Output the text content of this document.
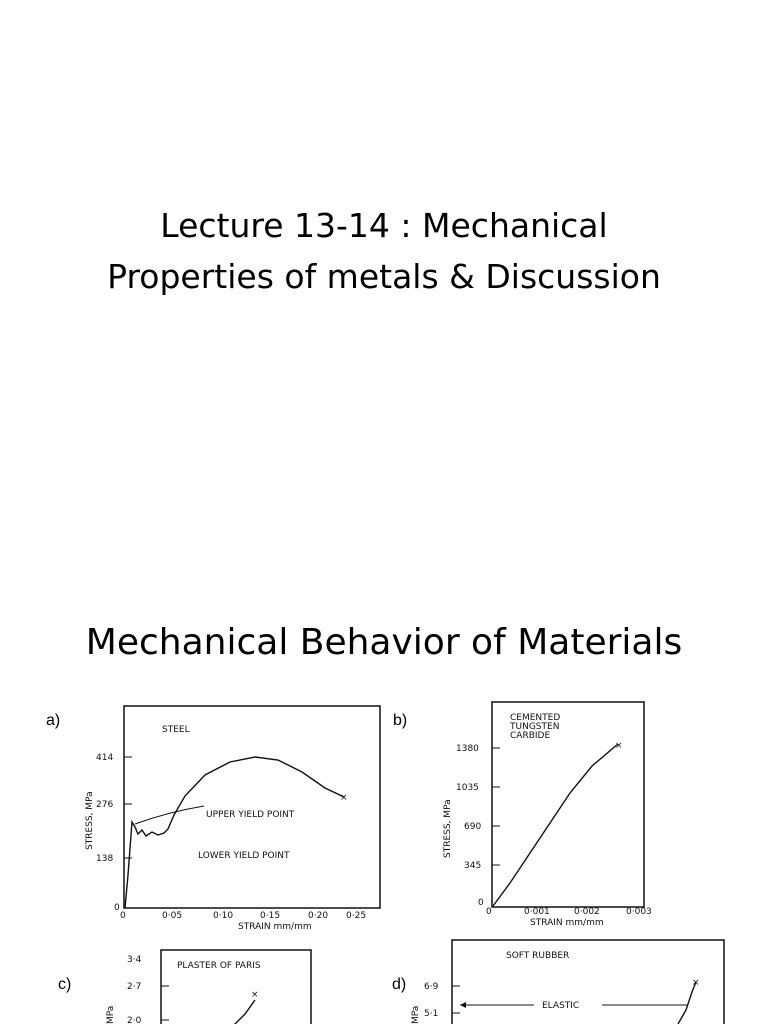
Lecture 13-14 : Mechanical
Properties of metals & Discussion
Mechanical Behavior of Materials
a)	b)
c)	d)
STEEL
414
276
138
0
0	0·05	0·10	0·15	0·20 0·25
STRAIN mm/mm
STRESS, MPa	×
UPPER YIELD POINT
LOWER YIELD POINT
CEMENTED
TUNGSTEN
CARBIDE
1380
1035
690
345
0
0	0·001	0·002	0·003
STRAIN mm/mm
STRESS, MPa
×
PLASTER OF PARIS
3·4
2·7
2·0
MPa
×
SOFT RUBBER
6·9
5·1
MPa	ELASTIC
×
